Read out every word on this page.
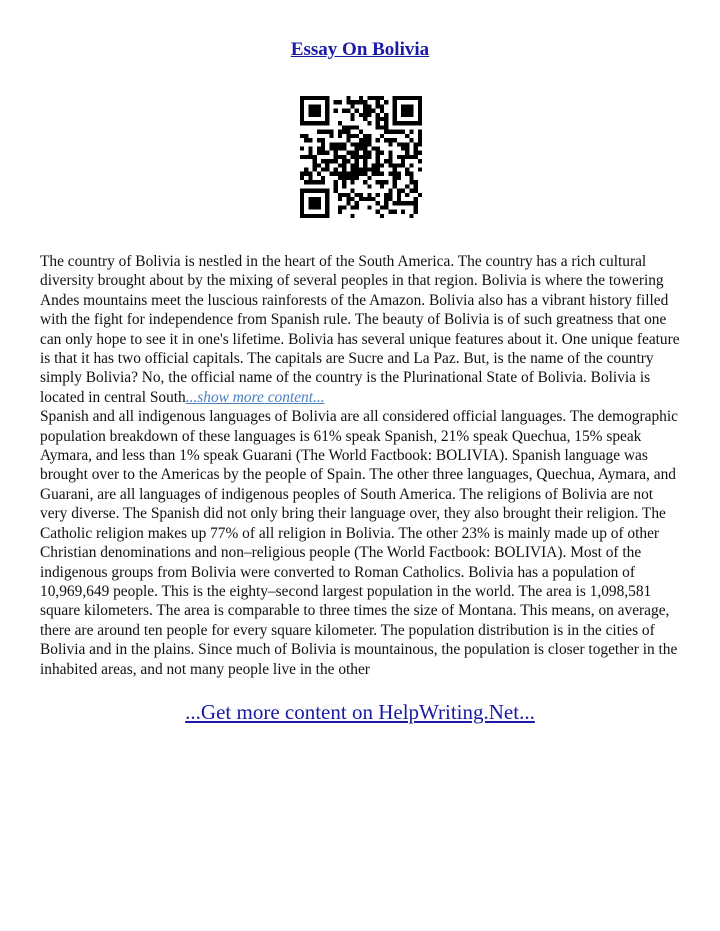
Essay On Bolivia

The country of Bolivia is nestled in the heart of the South America. The country has a rich cultural diversity brought about by the mixing of several peoples in that region. Bolivia is where the towering Andes mountains meet the luscious rainforests of the Amazon. Bolivia also has a vibrant history filled with the fight for independence from Spanish rule. The beauty of Bolivia is of such greatness that one can only hope to see it in one's lifetime. Bolivia has several unique features about it. One unique feature is that it has two official capitals. The capitals are Sucre and La Paz. But, is the name of the country simply Bolivia? No, the official name of the country is the Plurinational State of Bolivia. Bolivia is located in central South...show more content...

Spanish and all indigenous languages of Bolivia are all considered official languages. The demographic population breakdown of these languages is 61% speak Spanish, 21% speak Quechua, 15% speak Aymara, and less than 1% speak Guarani (The World Factbook: BOLIVIA). Spanish language was brought over to the Americas by the people of Spain. The other three languages, Quechua, Aymara, and Guarani, are all languages of indigenous peoples of South America. The religions of Bolivia are not very diverse. The Spanish did not only bring their language over, they also brought their religion. The Catholic religion makes up 77% of all religion in Bolivia. The other 23% is mainly made up of other Christian denominations and non–religious people (The World Factbook: BOLIVIA). Most of the indigenous groups from Bolivia were converted to Roman Catholics. Bolivia has a population of 10,969,649 people. This is the eighty–second largest population in the world. The area is 1,098,581 square kilometers. The area is comparable to three times the size of Montana. This means, on average, there are around ten people for every square kilometer. The population distribution is in the cities of Bolivia and in the plains. Since much of Bolivia is mountainous, the population is closer together in the inhabited areas, and not many people live in the other

...Get more content on HelpWriting.Net...
